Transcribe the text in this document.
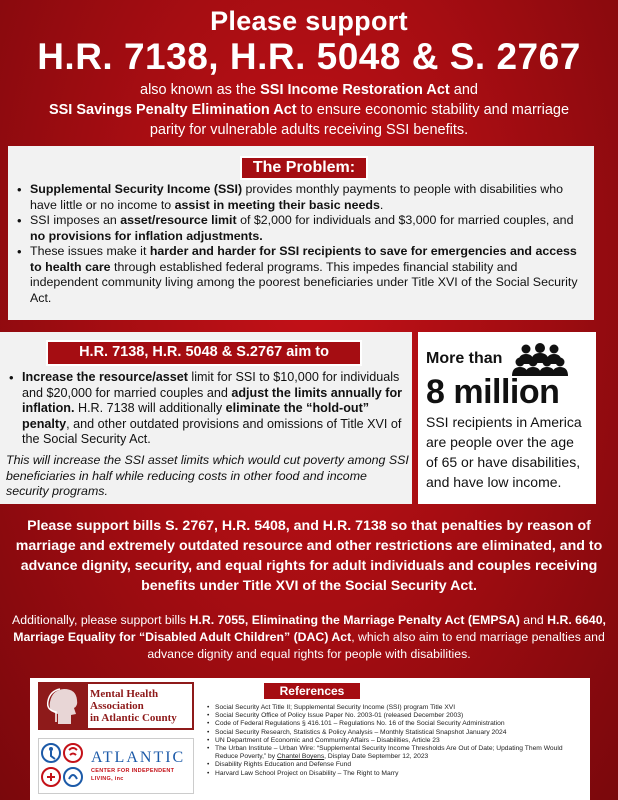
Please support
H.R. 7138, H.R. 5048 & S. 2767
also known as the SSI Income Restoration Act and
SSI Savings Penalty Elimination Act to ensure economic stability and marriage parity for vulnerable adults receiving SSI benefits.
The Problem:
• Supplemental Security Income (SSI) provides monthly payments to people with disabilities who have little or no income to assist in meeting their basic needs.
• SSI imposes an asset/resource limit of $2,000 for individuals and $3,000 for married couples, and no provisions for inflation adjustments.
• These issues make it harder and harder for SSI recipients to save for emergencies and access to health care through established federal programs. This impedes financial stability and independent community living among the poorest beneficiaries under Title XVI of the Social Security Act.
H.R. 7138, H.R. 5048 & S.2767 aim to
• Increase the resource/asset limit for SSI to $10,000 for individuals and $20,000 for married couples and adjust the limits annually for inflation. H.R. 7138 will additionally eliminate the “hold-out” penalty, and other outdated provisions and omissions of Title XVI of the Social Security Act.
This will increase the SSI asset limits which would cut poverty among SSI beneficiaries in half while reducing costs in other food and income security programs.
More than
8 million
SSI recipients in America are people over the age of 65 or have disabilities, and have low income.
Please support bills S. 2767, H.R. 5408, and H.R. 7138 so that penalties by reason of marriage and extremely outdated resource and other restrictions are eliminated, and to advance dignity, security, and equal rights for adult individuals and couples receiving benefits under Title XVI of the Social Security Act.
Additionally, please support bills H.R. 7055, Eliminating the Marriage Penalty Act (EMPSA) and H.R. 6640, Marriage Equality for “Disabled Adult Children” (DAC) Act, which also aim to end marriage penalties and advance dignity and equal rights for people with disabilities.
References
Mental Health
Association
in Atlantic County
ATLANTIC
CENTER FOR INDEPENDENT LIVING, inc
• Social Security Act Title II; Supplemental Security Income (SSI) program Title XVI
• Social Security Office of Policy Issue Paper No. 2003-01 (released December 2003)
• Code of Federal Regulations § 416.101 – Regulations No. 16 of the Social Security Administration
• Social Security Research, Statistics & Policy Analysis – Monthly Statistical Snapshot January 2024
• UN Department of Economic and Community Affairs – Disabilities, Article 23
• The Urban Institute – Urban Wire: “Supplemental Security Income Thresholds Are Out of Date; Updating Them Would Reduce Poverty,” by Chantel Boyens, Display Date September 12, 2023
• Disability Rights Education and Defense Fund
• Harvard Law School Project on Disability – The Right to Marry
